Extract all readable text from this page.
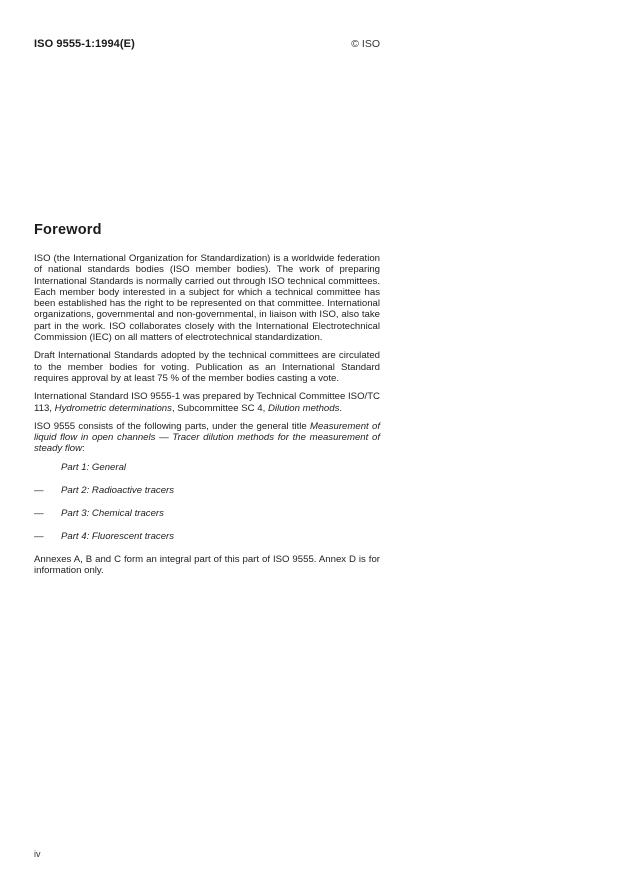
ISO 9555-1:1994(E)	© ISO
Foreword

ISO (the International Organization for Standardization) is a worldwide federation of national standards bodies (ISO member bodies). The work of preparing International Standards is normally carried out through ISO technical committees. Each member body interested in a subject for which a technical committee has been established has the right to be represented on that committee. International organizations, governmental and non-governmental, in liaison with ISO, also take part in the work. ISO collaborates closely with the International Electrotechnical Commission (IEC) on all matters of electrotechnical standardization.

Draft International Standards adopted by the technical committees are circulated to the member bodies for voting. Publication as an International Standard requires approval by at least 75 % of the member bodies casting a vote.

International Standard ISO 9555-1 was prepared by Technical Committee ISO/TC 113, Hydrometric determinations, Subcommittee SC 4, Dilution methods.

ISO 9555 consists of the following parts, under the general title Measurement of liquid flow in open channels — Tracer dilution methods for the measurement of steady flow:

Part 1: General
— Part 2: Radioactive tracers
— Part 3: Chemical tracers
— Part 4: Fluorescent tracers

Annexes A, B and C form an integral part of this part of ISO 9555. Annex D is for information only.

iv
